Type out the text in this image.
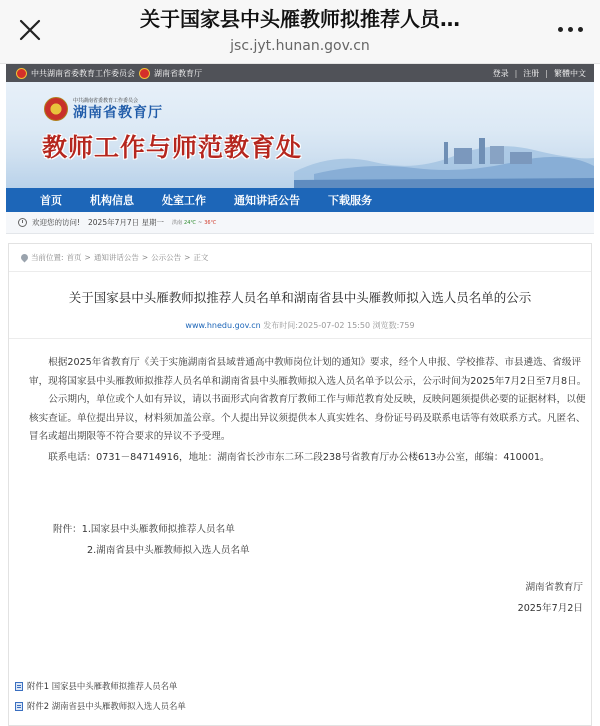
关于国家县中头雁教师拟推荐人员…
jsc.jyt.hunan.gov.cn
中共湖南省委教育工作委员会 湖南省教育厅	登录 | 注册 | 繁體中文
中共湖南省委教育工作委员会
湖南省教育厅
教师工作与师范教育处
首页	机构信息	处室工作	通知讲话公告	下载服务
欢迎您的访问! 2025年7月7日 星期一 洪南 24℃ ~ 36℃
当前位置: 首页 > 通知讲话公告 > 公示公告 > 正文
关于国家县中头雁教师拟推荐人员名单和湖南省县中头雁教师拟入选人员名单的公示
www.hnedu.gov.cn 发布时间:2025-07-02 15:50 浏览数:759

根据2025年省教育厅《关于实施湖南省县域普通高中教师岗位计划的通知》要求，经个人申报、学校推荐、市县遴选、省级评审，现将国家县中头雁教师拟推荐人员名单和湖南省县中头雁教师拟入选人员名单予以公示，公示时间为2025年7月2日至7月8日。

公示期内，单位或个人如有异议，请以书面形式向省教育厅教师工作与师范教育处反映，反映问题须提供必要的证据材料，以便核实查证。单位提出异议，材料须加盖公章。个人提出异议须提供本人真实姓名、身份证号码及联系电话等有效联系方式。凡匿名、冒名或超出期限等不符合要求的异议不予受理。

联系电话：0731－84714916，地址：湖南省长沙市东二环二段238号省教育厅办公楼613办公室，邮编：410001。

附件：1.国家县中头雁教师拟推荐人员名单
2.湖南省县中头雁教师拟入选人员名单
湖南省教育厅
2025年7月2日
附件1 国家县中头雁教师拟推荐人员名单
附件2 湖南省县中头雁教师拟入选人员名单
